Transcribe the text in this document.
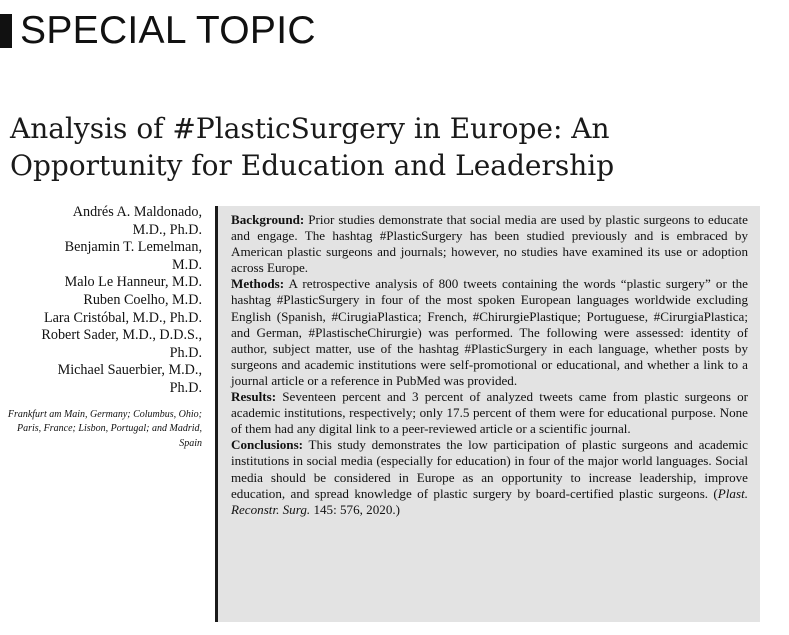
SPECIAL TOPIC
Analysis of #PlasticSurgery in Europe: An
Opportunity for Education and Leadership

Andrés A. Maldonado,

M.D., Ph.D.

Benjamin T. Lemelman,

M.D.

Malo Le Hanneur, M.D.

Ruben Coelho, M.D.

Lara Cristóbal, M.D., Ph.D.

Robert Sader, M.D., D.D.S.,

Ph.D.

Michael Sauerbier, M.D.,

Ph.D.

Frankfurt am Main, Germany; Columbus, Ohio; Paris, France; Lisbon, Portugal; and Madrid, Spain

Background: Prior studies demonstrate that social media are used by plastic surgeons to educate and engage. The hashtag #PlasticSurgery has been studied previously and is embraced by American plastic surgeons and journals; however, no studies have examined its use or adoption across Europe.

Methods: A retrospective analysis of 800 tweets containing the words “plastic surgery” or the hashtag #PlasticSurgery in four of the most spoken European languages worldwide excluding English (Spanish, #CirugiaPlastica; French, #ChirurgiePlastique; Portuguese, #CirurgiaPlastica; and German, #PlastischeChirurgie) was performed. The following were assessed: identity of author, subject matter, use of the hashtag #PlasticSurgery in each language, whether posts by surgeons and academic institutions were self-promotional or educational, and whether a link to a journal article or a reference in PubMed was provided.

Results: Seventeen percent and 3 percent of analyzed tweets came from plastic surgeons or academic institutions, respectively; only 17.5 percent of them were for educational purpose. None of them had any digital link to a peer-reviewed article or a scientific journal.

Conclusions: This study demonstrates the low participation of plastic surgeons and academic institutions in social media (especially for education) in four of the major world languages. Social media should be considered in Europe as an opportunity to increase leadership, improve education, and spread knowledge of plastic surgery by board-certified plastic surgeons. (Plast. Reconstr. Surg. 145: 576, 2020.)
